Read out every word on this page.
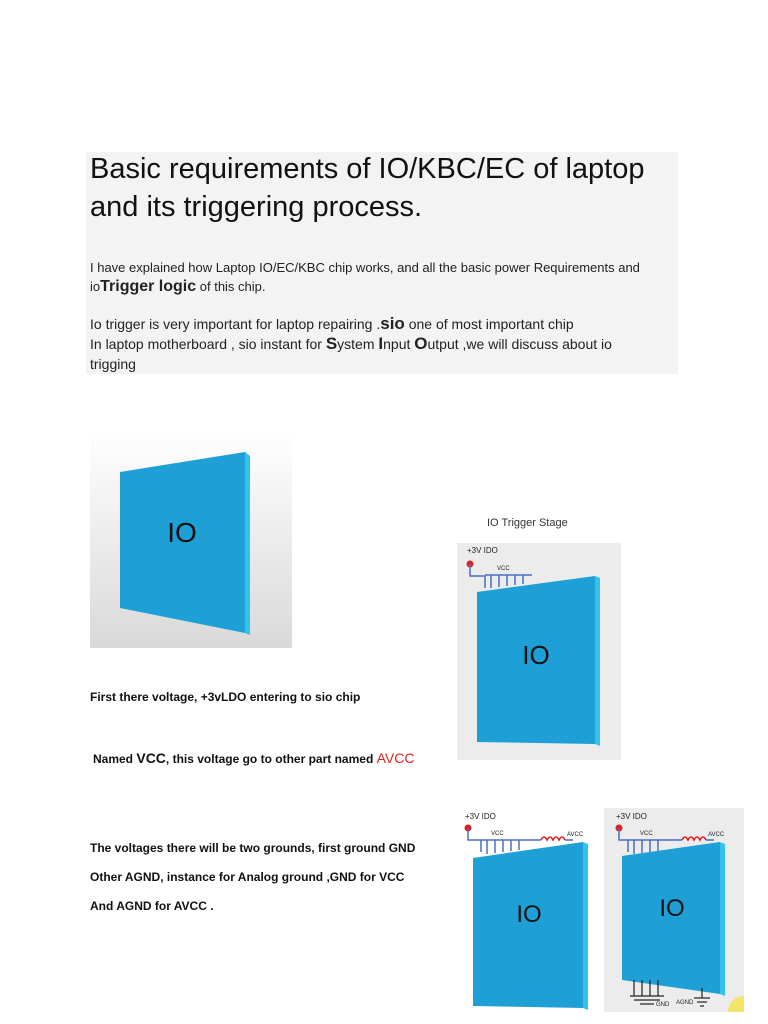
Basic requirements of IO/KBC/EC of laptop
and its triggering process.
I have explained how Laptop IO/EC/KBC chip works, and all the basic power Requirements and
ioTrigger logic of this chip.
Io trigger is very important for laptop repairing .sio one of most important chip
In laptop motherboard , sio instant for System Input Output ,we will discuss about io
trigging
IO	IO Trigger Stage
+3V IDO
VCC
IO
+3V IDO
VCC	AVCC
IO
+3V IDO
VCC	AVCC
IO
GND AGND
First there voltage, +3vLDO entering to sio chip
Named VCC, this voltage go to other part named AVCC
The voltages there will be two grounds, first ground GND
Other AGND, instance for Analog ground ,GND for VCC
And AGND for AVCC .
